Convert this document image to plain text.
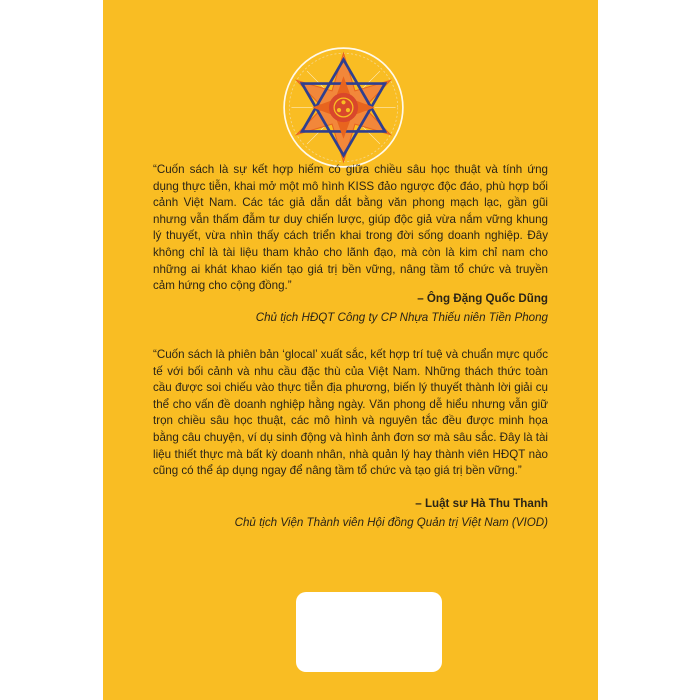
“Cuốn sách là sự kết hợp hiếm có giữa chiều sâu học thuật và tính ứng dụng thực tiễn, khai mở một mô hình KISS đảo ngược độc đáo, phù hợp bối cảnh Việt Nam. Các tác giả dẫn dắt bằng văn phong mạch lạc, gần gũi nhưng vẫn thấm đẫm tư duy chiến lược, giúp độc giả vừa nắm vững khung lý thuyết, vừa nhìn thấy cách triển khai trong đời sống doanh nghiệp. Đây không chỉ là tài liệu tham khảo cho lãnh đạo, mà còn là kim chỉ nam cho những ai khát khao kiến tạo giá trị bền vững, nâng tầm tổ chức và truyền cảm hứng cho cộng đồng.”

– Ông Đặng Quốc Dũng

Chủ tịch HĐQT Công ty CP Nhựa Thiếu niên Tiền Phong

“Cuốn sách là phiên bản ‘glocal’ xuất sắc, kết hợp trí tuệ và chuẩn mực quốc tế với bối cảnh và nhu cầu đặc thù của Việt Nam. Những thách thức toàn cầu được soi chiếu vào thực tiễn địa phương, biến lý thuyết thành lời giải cụ thể cho vấn đề doanh nghiệp hằng ngày. Văn phong dễ hiểu nhưng vẫn giữ trọn chiều sâu học thuật, các mô hình và nguyên tắc đều được minh họa bằng câu chuyện, ví dụ sinh động và hình ảnh đơn sơ mà sâu sắc. Đây là tài liệu thiết thực mà bất kỳ doanh nhân, nhà quản lý hay thành viên HĐQT nào cũng có thể áp dụng ngay để nâng tầm tổ chức và tạo giá trị bền vững.”

– Luật sư Hà Thu Thanh

Chủ tịch Viện Thành viên Hội đồng Quản trị Việt Nam (VIOD)
